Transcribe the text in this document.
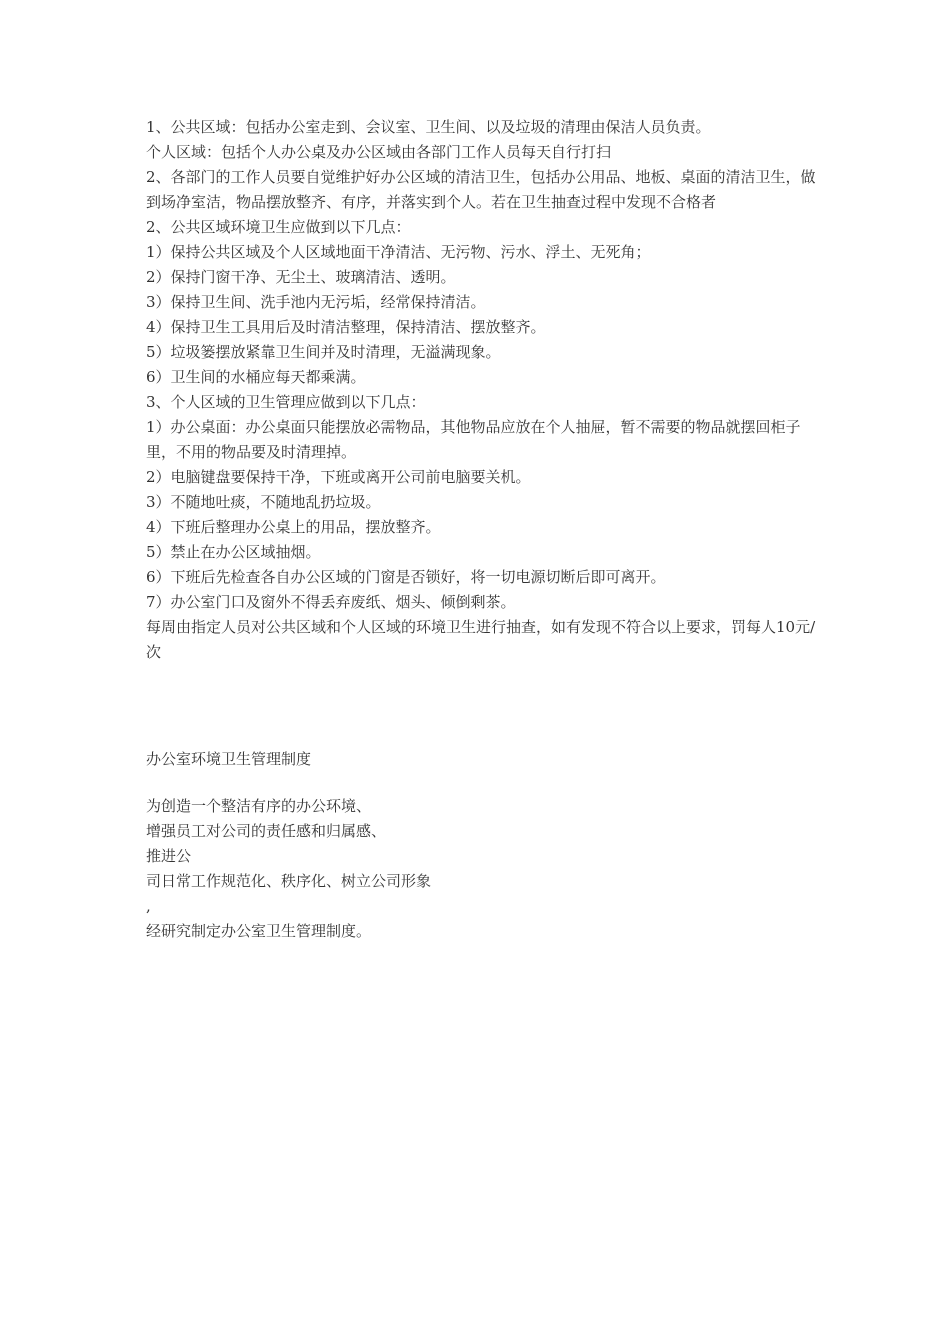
1、公共区域：包括办公室走到、会议室、卫生间、以及垃圾的清理由保洁人员负责。

个人区域：包括个人办公桌及办公区域由各部门工作人员每天自行打扫

2、各部门的工作人员要自觉维护好办公区域的清洁卫生，包括办公用品、地板、桌面的清洁卫生，做到场净室洁，物品摆放整齐、有序，并落实到个人。若在卫生抽查过程中发现不合格者

2、公共区域环境卫生应做到以下几点：

1）保持公共区域及个人区域地面干净清洁、无污物、污水、浮土、无死角；

2）保持门窗干净、无尘土、玻璃清洁、透明。

3）保持卫生间、洗手池内无污垢，经常保持清洁。

4）保持卫生工具用后及时清洁整理，保持清洁、摆放整齐。

5）垃圾篓摆放紧靠卫生间并及时清理，无溢满现象。

6）卫生间的水桶应每天都乘满。

3、个人区域的卫生管理应做到以下几点：

1）办公桌面：办公桌面只能摆放必需物品，其他物品应放在个人抽屉，暂不需要的物品就摆回柜子里，不用的物品要及时清理掉。

2）电脑键盘要保持干净，下班或离开公司前电脑要关机。

3）不随地吐痰，不随地乱扔垃圾。

4）下班后整理办公桌上的用品，摆放整齐。

5）禁止在办公区域抽烟。

6）下班后先检查各自办公区域的门窗是否锁好，将一切电源切断后即可离开。

7）办公室门口及窗外不得丢弃废纸、烟头、倾倒剩茶。

每周由指定人员对公共区域和个人区域的环境卫生进行抽查，如有发现不符合以上要求，罚每人10元/次

办公室环境卫生管理制度

为创造一个整洁有序的办公环境、

增强员工对公司的责任感和归属感、

推进公

司日常工作规范化、秩序化、树立公司形象

,

经研究制定办公室卫生管理制度。
